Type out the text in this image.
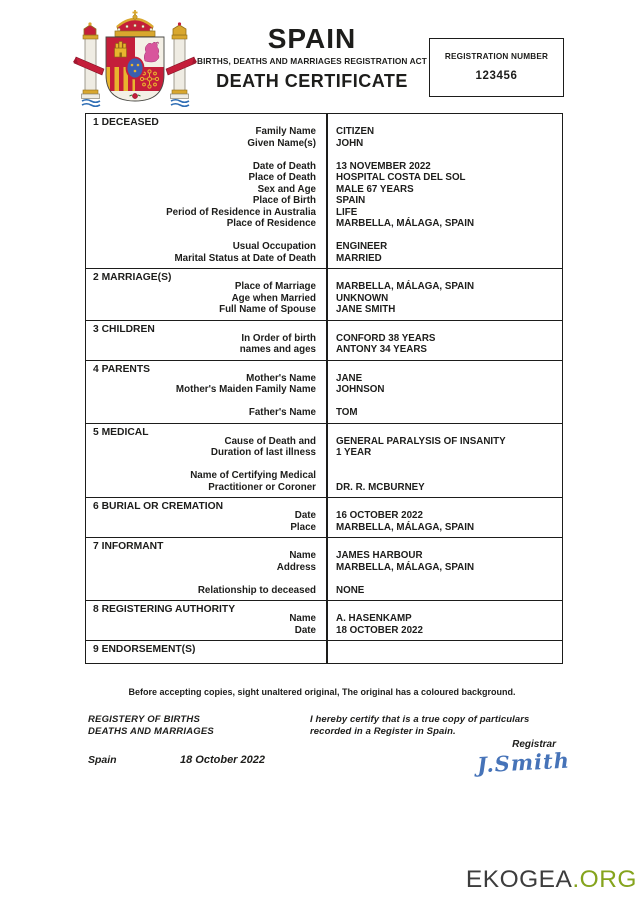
SPAIN
BIRTHS, DEATHS AND MARRIAGES REGISTRATION ACT
DEATH CERTIFICATE
REGISTRATION NUMBER
123456
1 DECEASED
Family Name	CITIZEN
Given Name(s)	JOHN
Date of Death	13 NOVEMBER 2022
Place of Death	HOSPITAL COSTA DEL SOL
Sex and Age	MALE 67 YEARS
Place of Birth	SPAIN
Period of Residence in Australia	LIFE
Place of Residence	MARBELLA, MÁLAGA, SPAIN
Usual Occupation	ENGINEER
Marital Status at Date of Death	MARRIED
2 MARRIAGE(S)
Place of Marriage	MARBELLA, MÁLAGA, SPAIN
Age when Married	UNKNOWN
Full Name of Spouse	JANE SMITH
3 CHILDREN
In Order of birth	CONFORD 38 YEARS
names and ages	ANTONY 34 YEARS
4 PARENTS
Mother's Name	JANE
Mother's Maiden Family Name	JOHNSON
Father's Name	TOM
5 MEDICAL
Cause of Death and	GENERAL PARALYSIS OF INSANITY
Duration of last illness	1 YEAR
Name of Certifying Medical
Practitioner or Coroner	DR. R. MCBURNEY
6 BURIAL OR CREMATION
Date	16 OCTOBER 2022
Place	MARBELLA, MÁLAGA, SPAIN
7 INFORMANT
Name	JAMES HARBOUR
Address	MARBELLA, MÁLAGA, SPAIN
Relationship to deceased	NONE
8 REGISTERING AUTHORITY
Name	A. HASENKAMP
Date	18 OCTOBER 2022
9 ENDORSEMENT(S)
Before accepting copies, sight unaltered original, The original has a coloured background.
REGISTERY OF BIRTHS
DEATHS AND MARRIAGES
I hereby certify that is a true copy of particulars recorded in a Register in Spain.
Registrar
J.Smith
Spain	18 October 2022
EKOGEA.ORG
